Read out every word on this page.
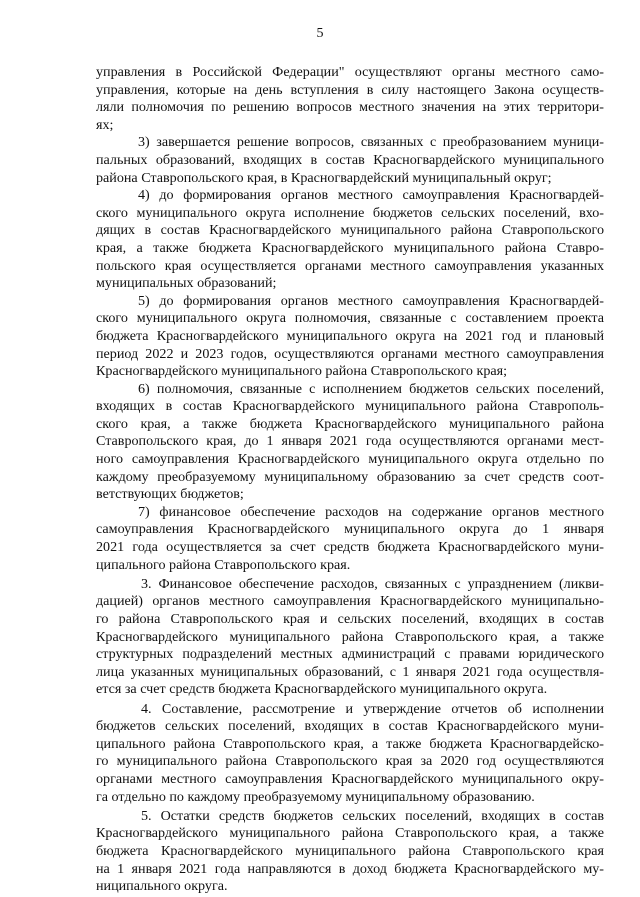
5
управления в Российской Федерации" осуществляют органы местного само-
управления, которые на день вступления в силу настоящего Закона осуществ-
ляли полномочия по решению вопросов местного значения на этих территори-
ях;
3) завершается решение вопросов, связанных с преобразованием муници-
пальных образований, входящих в состав Красногвардейского муниципального
района Ставропольского края, в Красногвардейский муниципальный округ;
4) до формирования органов местного самоуправления Красногвардей-
ского муниципального округа исполнение бюджетов сельских поселений, вхо-
дящих в состав Красногвардейского муниципального района Ставропольского
края, а также бюджета Красногвардейского муниципального района Ставро-
польского края осуществляется органами местного самоуправления указанных
муниципальных образований;
5) до формирования органов местного самоуправления Красногвардей-
ского муниципального округа полномочия, связанные с составлением проекта
бюджета Красногвардейского муниципального округа на 2021 год и плановый
период 2022 и 2023 годов, осуществляются органами местного самоуправления
Красногвардейского муниципального района Ставропольского края;
6) полномочия, связанные с исполнением бюджетов сельских поселений,
входящих в состав Красногвардейского муниципального района Ставрополь-
ского края, а также бюджета Красногвардейского муниципального района
Ставропольского края, до 1 января 2021 года осуществляются органами мест-
ного самоуправления Красногвардейского муниципального округа отдельно по
каждому преобразуемому муниципальному образованию за счет средств соот-
ветствующих бюджетов;
7) финансовое обеспечение расходов на содержание органов местного
самоуправления Красногвардейского муниципального округа до 1 января
2021 года осуществляется за счет средств бюджета Красногвардейского муни-
ципального района Ставропольского края.
3. Финансовое обеспечение расходов, связанных с упразднением (ликви-
дацией) органов местного самоуправления Красногвардейского муниципально-
го района Ставропольского края и сельских поселений, входящих в состав
Красногвардейского муниципального района Ставропольского края, а также
структурных подразделений местных администраций с правами юридического
лица указанных муниципальных образований, с 1 января 2021 года осуществля-
ется за счет средств бюджета Красногвардейского муниципального округа.
4. Составление, рассмотрение и утверждение отчетов об исполнении
бюджетов сельских поселений, входящих в состав Красногвардейского муни-
ципального района Ставропольского края, а также бюджета Красногвардейско-
го муниципального района Ставропольского края за 2020 год осуществляются
органами местного самоуправления Красногвардейского муниципального окру-
га отдельно по каждому преобразуемому муниципальному образованию.
5. Остатки средств бюджетов сельских поселений, входящих в состав
Красногвардейского муниципального района Ставропольского края, а также
бюджета Красногвардейского муниципального района Ставропольского края
на 1 января 2021 года направляются в доход бюджета Красногвардейского му-
ниципального округа.
